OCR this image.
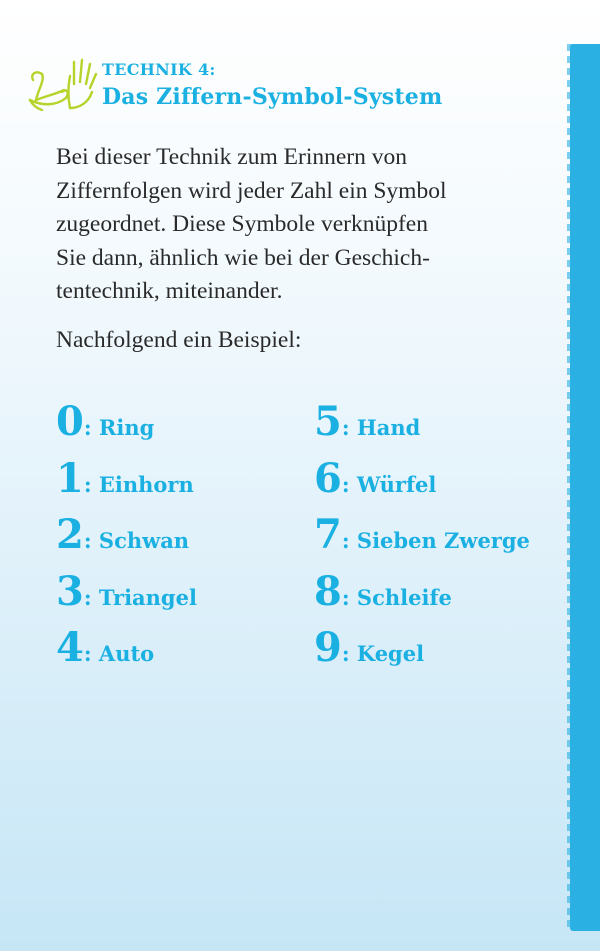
TECHNIK 4:
Das Ziffern-Symbol-System

Bei dieser Technik zum Erinnern von

Ziffernfolgen wird jeder Zahl ein Symbol

zugeordnet. Diese Symbole verknüpfen

Sie dann, ähnlich wie bei der Geschich-

tentechnik, miteinander.

Nachfolgend ein Beispiel:
0 : Ring
1 : Einhorn
2 : Schwan
3 : Triangel
4 : Auto
5 : Hand
6 : Würfel
7 : Sieben Zwerge
8 : Schleife
9 : Kegel
